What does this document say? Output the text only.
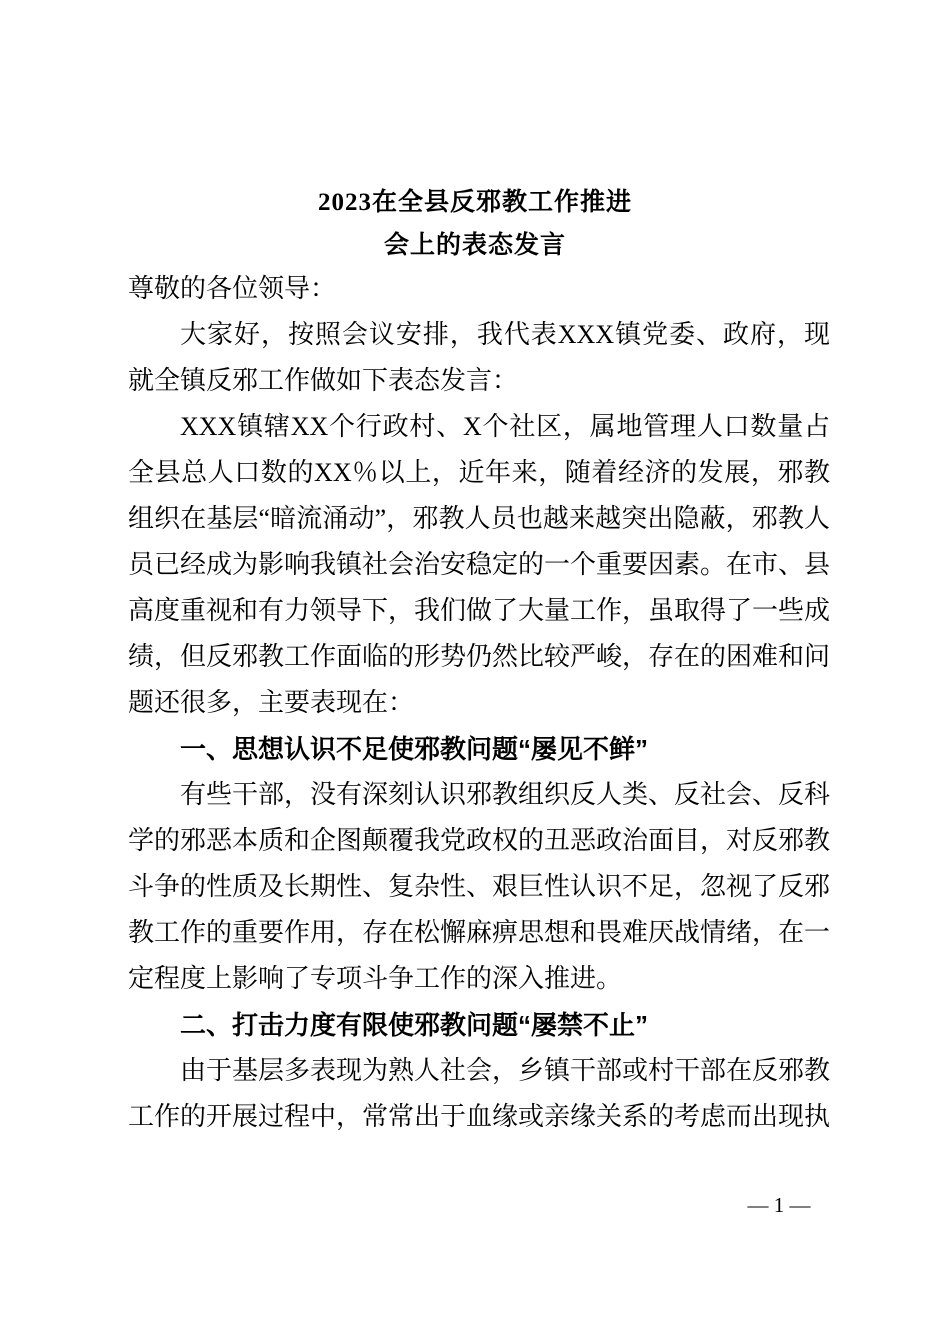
2023在全县反邪教工作推进
会上的表态发言

尊敬的各位领导：

大家好，按照会议安排，我代表XXX镇党委、政府，现就全镇反邪工作做如下表态发言：

XXX镇辖XX个行政村、X个社区，属地管理人口数量占全县总人口数的XX％以上，近年来，随着经济的发展，邪教组织在基层“暗流涌动”，邪教人员也越来越突出隐蔽，邪教人员已经成为影响我镇社会治安稳定的一个重要因素。在市、县高度重视和有力领导下，我们做了大量工作，虽取得了一些成绩，但反邪教工作面临的形势仍然比较严峻，存在的困难和问题还很多，主要表现在：

一、思想认识不足使邪教问题“屡见不鲜”

有些干部，没有深刻认识邪教组织反人类、反社会、反科学的邪恶本质和企图颠覆我党政权的丑恶政治面目，对反邪教斗争的性质及长期性、复杂性、艰巨性认识不足，忽视了反邪教工作的重要作用，存在松懈麻痹思想和畏难厌战情绪，在一定程度上影响了专项斗争工作的深入推进。

二、打击力度有限使邪教问题“屡禁不止”

由于基层多表现为熟人社会，乡镇干部或村干部在反邪教工作的开展过程中，常常出于血缘或亲缘关系的考虑而出现执

— 1 —
